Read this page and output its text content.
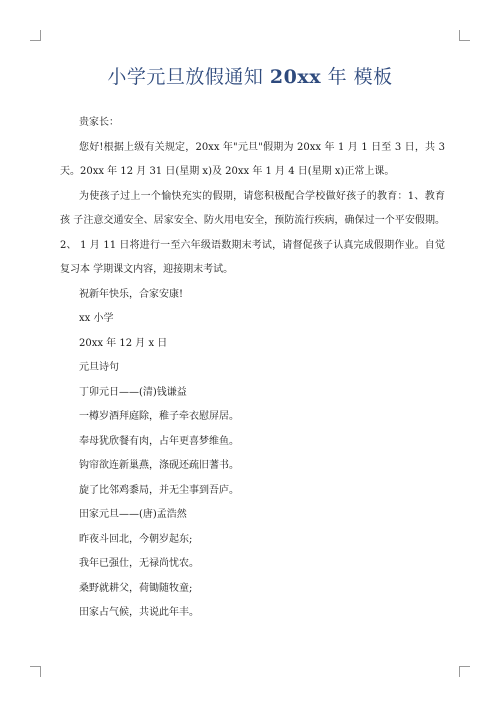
小学元旦放假通知 20xx 年 模板

贵家长：

您好!根据上级有关规定，20xx 年"元旦"假期为 20xx 年 1 月 1 日至 3 日，共 3 天。20xx 年 12 月 31 日(星期 x)及 20xx 年 1 月 4 日(星期 x)正常上课。

为使孩子过上一个愉快充实的假期，请您积极配合学校做好孩子的教育：1、教育孩 子注意交通安全、居家安全、防火用电安全，预防流行疾病，确保过一个平安假期。2、 1 月 11 日将进行一至六年级语数期末考试，请督促孩子认真完成假期作业。自觉复习本 学期课文内容，迎接期末考试。

祝新年快乐，合家安康!

xx 小学

20xx 年 12 月 x 日

元旦诗句

丁卯元日——(清)钱谦益

一樽岁酒拜庭除，稚子牵衣慰屏居。

奉母犹欣餐有肉，占年更喜梦维鱼。

钩帘欲连新巢燕，涤砚还疏旧蓍书。

旋了比邻鸡黍局，并无尘事到吾庐。

田家元旦——(唐)孟浩然

昨夜斗回北，今朝岁起东;

我年已强仕，无禄尚忧农。

桑野就耕父，荷锄随牧童;

田家占气候，共说此年丰。
